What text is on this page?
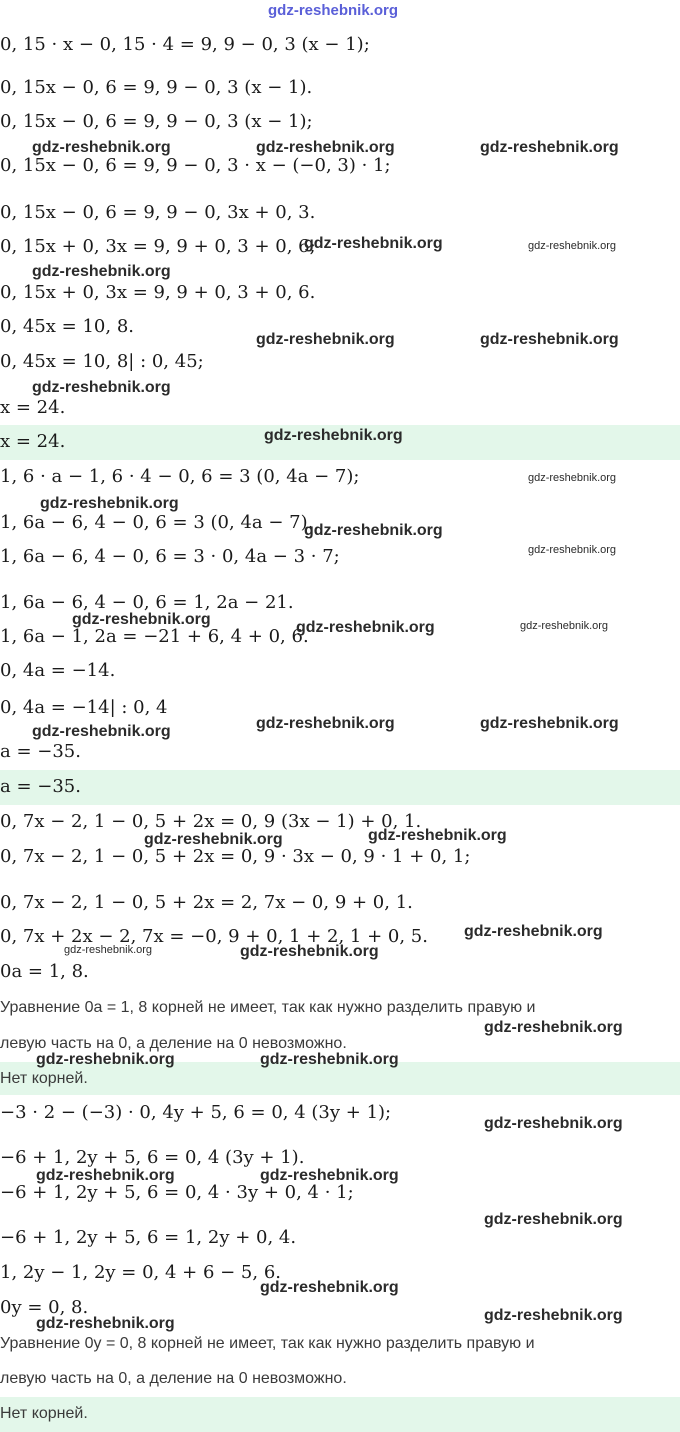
gdz-reshebnik.org
0, 15 · x − 0, 15 · 4 = 9, 9 − 0, 3 (x − 1);
0, 15x − 0, 6 = 9, 9 − 0, 3 (x − 1).
0, 15x − 0, 6 = 9, 9 − 0, 3 (x − 1);
0, 15x − 0, 6 = 9, 9 − 0, 3 · x − (−0, 3) · 1;
0, 15x − 0, 6 = 9, 9 − 0, 3x + 0, 3.
0, 15x + 0, 3x = 9, 9 + 0, 3 + 0, 6;
0, 15x + 0, 3x = 9, 9 + 0, 3 + 0, 6.
0, 45x = 10, 8.
0, 45x = 10, 8| : 0, 45;
x = 24.
x = 24.
1, 6 · a − 1, 6 · 4 − 0, 6 = 3 (0, 4a − 7);
1, 6a − 6, 4 − 0, 6 = 3 (0, 4a − 7).
1, 6a − 6, 4 − 0, 6 = 3 · 0, 4a − 3 · 7;
1, 6a − 6, 4 − 0, 6 = 1, 2a − 21.
1, 6a − 1, 2a = −21 + 6, 4 + 0, 6.
0, 4a = −14.
0, 4a = −14| : 0, 4
a = −35.
a = −35.
0, 7x − 2, 1 − 0, 5 + 2x = 0, 9 (3x − 1) + 0, 1.
0, 7x − 2, 1 − 0, 5 + 2x = 0, 9 · 3x − 0, 9 · 1 + 0, 1;
0, 7x − 2, 1 − 0, 5 + 2x = 2, 7x − 0, 9 + 0, 1.
0, 7x + 2x − 2, 7x = −0, 9 + 0, 1 + 2, 1 + 0, 5.
0a = 1, 8.
Уравнение 0a = 1, 8 корней не имеет, так как нужно разделить правую и
левую часть на 0, а деление на 0 невозможно.
Нет корней.
−3 · 2 − (−3) · 0, 4y + 5, 6 = 0, 4 (3y + 1);
−6 + 1, 2y + 5, 6 = 0, 4 (3y + 1).
−6 + 1, 2y + 5, 6 = 0, 4 · 3y + 0, 4 · 1;
−6 + 1, 2y + 5, 6 = 1, 2y + 0, 4.
1, 2y − 1, 2y = 0, 4 + 6 − 5, 6.
0y = 0, 8.
Уравнение 0y = 0, 8 корней не имеет, так как нужно разделить правую и
левую часть на 0, а деление на 0 невозможно.
Нет корней.
gdz-reshebnik.org	gdz-reshebnik.org	gdz-reshebnik.org
gdz-reshebnik.org	gdz-reshebnik.org
gdz-reshebnik.org
gdz-reshebnik.org	gdz-reshebnik.org
gdz-reshebnik.org
gdz-reshebnik.org
gdz-reshebnik.org
gdz-reshebnik.org
gdz-reshebnik.org
gdz-reshebnik.org
gdz-reshebnik.org	gdz-reshebnik.org	gdz-reshebnik.org
gdz-reshebnik.org	gdz-reshebnik.org
gdz-reshebnik.org
gdz-reshebnik.org
gdz-reshebnik.org
gdz-reshebnik.org
gdz-reshebnik.org	gdz-reshebnik.org
gdz-reshebnik.org
gdz-reshebnik.org	gdz-reshebnik.org
gdz-reshebnik.org
gdz-reshebnik.org	gdz-reshebnik.org
gdz-reshebnik.org
gdz-reshebnik.org
gdz-reshebnik.org
gdz-reshebnik.org
